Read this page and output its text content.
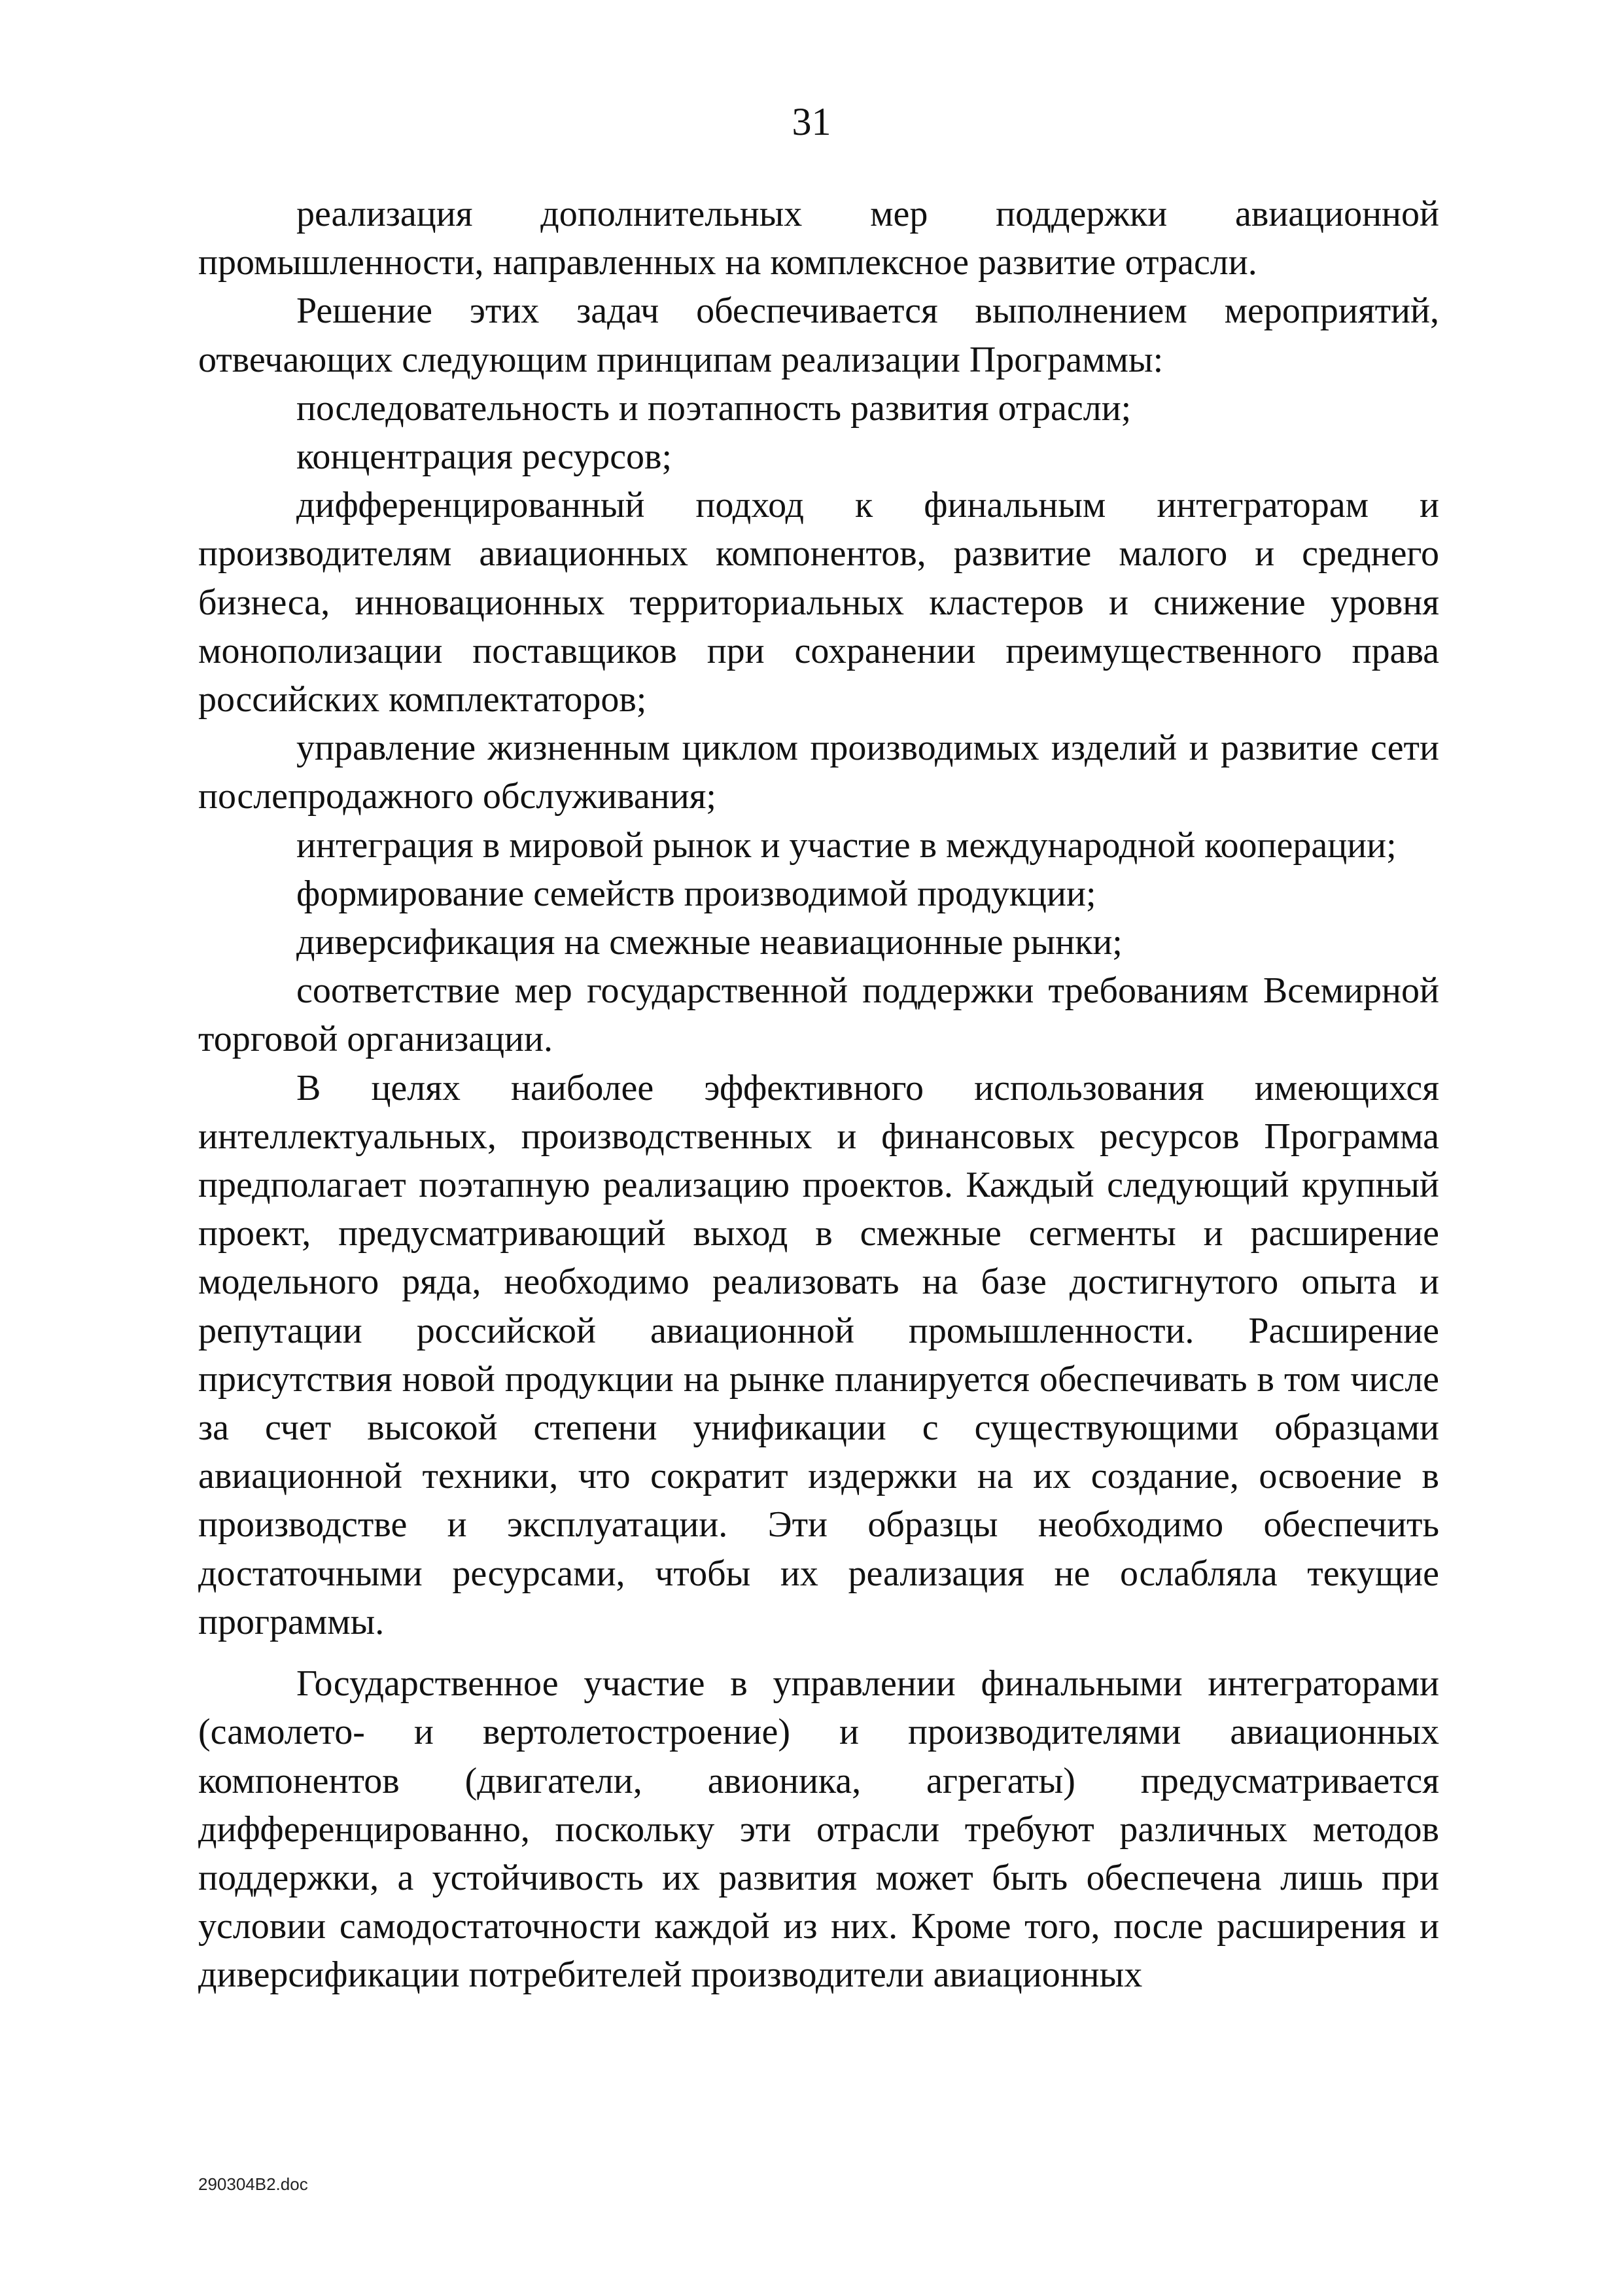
31

реализация дополнительных мер поддержки авиационной промышленности, направленных на комплексное развитие отрасли.

Решение этих задач обеспечивается выполнением мероприятий, отвечающих следующим принципам реализации Программы:

последовательность и поэтапность развития отрасли;

концентрация ресурсов;

дифференцированный подход к финальным интеграторам и производителям авиационных компонентов, развитие малого и среднего бизнеса, инновационных территориальных кластеров и снижение уровня монополизации поставщиков при сохранении преимущественного права российских комплектаторов;

управление жизненным циклом производимых изделий и развитие сети послепродажного обслуживания;

интеграция в мировой рынок и участие в международной кооперации;

формирование семейств производимой продукции;

диверсификация на смежные неавиационные рынки;

соответствие мер государственной поддержки требованиям Всемирной торговой организации.

В целях наиболее эффективного использования имеющихся интеллектуальных, производственных и финансовых ресурсов Программа предполагает поэтапную реализацию проектов. Каждый следующий крупный проект, предусматривающий выход в смежные сегменты и расширение модельного ряда, необходимо реализовать на базе достигнутого опыта и репутации российской авиационной промышленности. Расширение присутствия новой продукции на рынке планируется обеспечивать в том числе за счет высокой степени унификации с существующими образцами авиационной техники, что сократит издержки на их создание, освоение в производстве и эксплуатации. Эти образцы необходимо обеспечить достаточными ресурсами, чтобы их реализация не ослабляла текущие программы.

Государственное участие в управлении финальными интеграторами (самолето- и вертолетостроение) и производителями авиационных компонентов (двигатели, авионика, агрегаты) предусматривается дифференцированно, поскольку эти отрасли требуют различных методов поддержки, а устойчивость их развития может быть обеспечена лишь при условии самодостаточности каждой из них. Кроме того, после расширения и диверсификации потребителей производители авиационных

290304B2.doc
